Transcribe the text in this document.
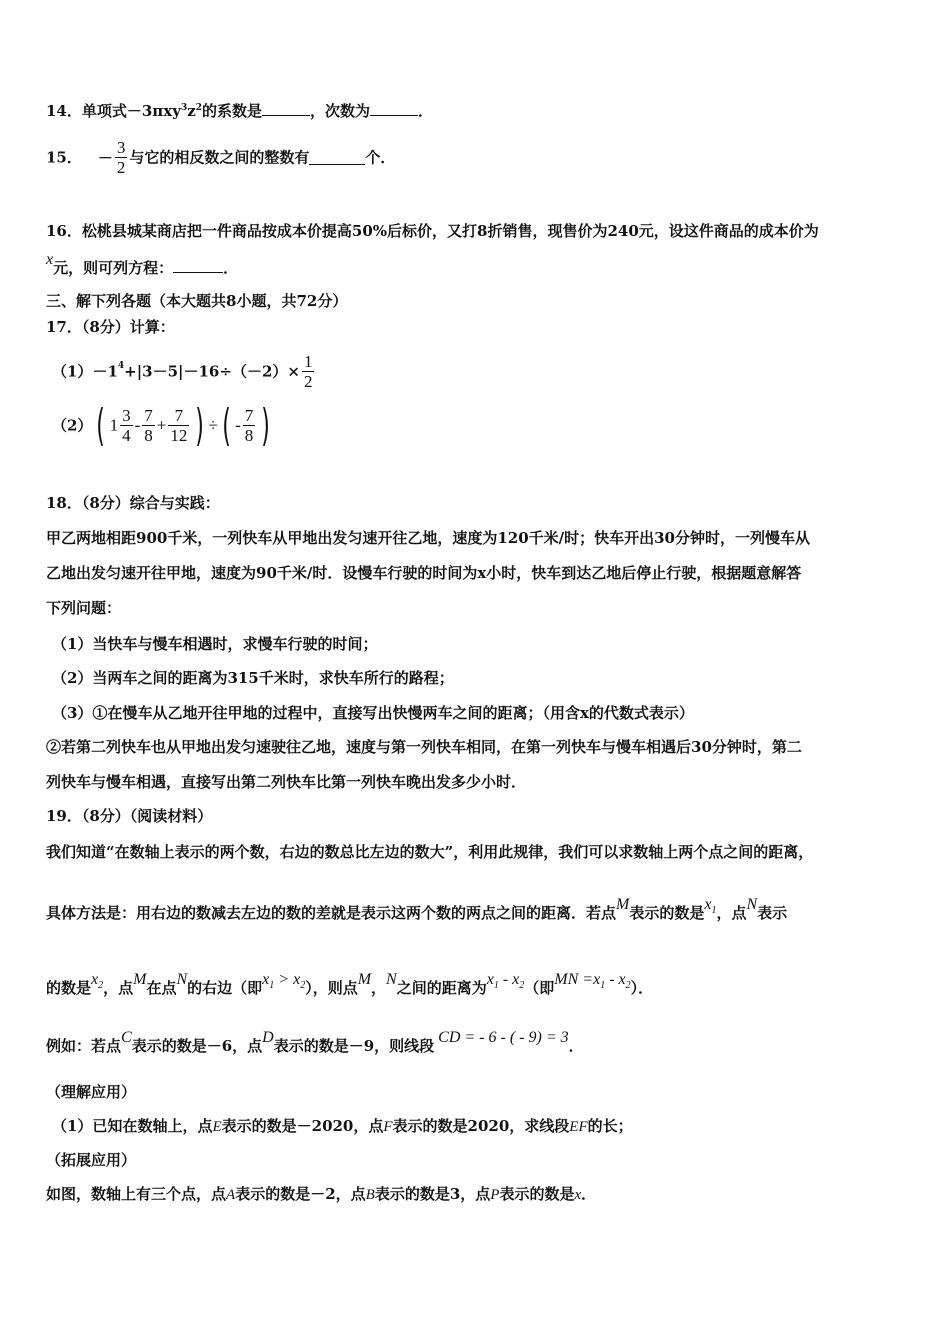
14．单项式$-3\pi xy^3z^2$的系数是	，次数为	．
15． － $\frac{3}{2}$ 与它的相反数之间的整数有	个．
16．松桃县城某商店把一件商品按成本价提高50%后标价，又打8折销售，现售价为240元，设这件商品的成本价为
x元，则可列方程：	．
三、解下列各题（本大题共8小题，共72分）
17．（8分）计算：
$(1)-1^4+|3-5|-16\div(-2)\times \frac{1}{2}$
（2）( $1 \frac{3}{4} - \frac{7}{8} + \frac{7}{12}$ ) ÷( - $\frac{7}{8}$ )
18．（8分）综合与实践：
甲乙两地相距900千米，一列快车从甲地出发匀速开往乙地，速度为120千米/时；快车开出30分钟时，一列慢车从
乙地出发匀速开往甲地，速度为90千米/时．设慢车行驶的时间为x小时，快车到达乙地后停止行驶，根据题意解答
下列问题：
（1）当快车与慢车相遇时，求慢车行驶的时间；
（2）当两车之间的距离为315千米时，求快车所行的路程；
（3）①在慢车从乙地开往甲地的过程中，直接写出快慢两车之间的距离；（用含x的代数式表示）
②若第二列快车也从甲地出发匀速驶往乙地，速度与第一列快车相同，在第一列快车与慢车相遇后30分钟时，第二
列快车与慢车相遇，直接写出第二列快车比第一列快车晚出发多少小时．
19．（8分）（阅读材料）
我们知道“在数轴上表示的两个数，右边的数总比左边的数大”，利用此规律，我们可以求数轴上两个点之间的距离，
具体方法是：用右边的数减去左边的数的差就是表示这两个数的两点之间的距离．若点M表示的数是$x^1$，点N表示
的数是$x^2$，点M在点N的右边（即$x^1 > x^2$），则点M，N之间的距离为$x^1 - x^2$（即MN $=x^1 - x^2$）．
例如：若点C表示的数是－6，点D表示的数是－9，则线段 CD = - 6 - ( - 9) = 3．
（理解应用）
（1）已知在数轴上，点E表示的数是－2020，点F表示的数是2020，求线段EF的长；
（拓展应用）
如图，数轴上有三个点，点A表示的数是－2，点B表示的数是3，点P表示的数是x．
